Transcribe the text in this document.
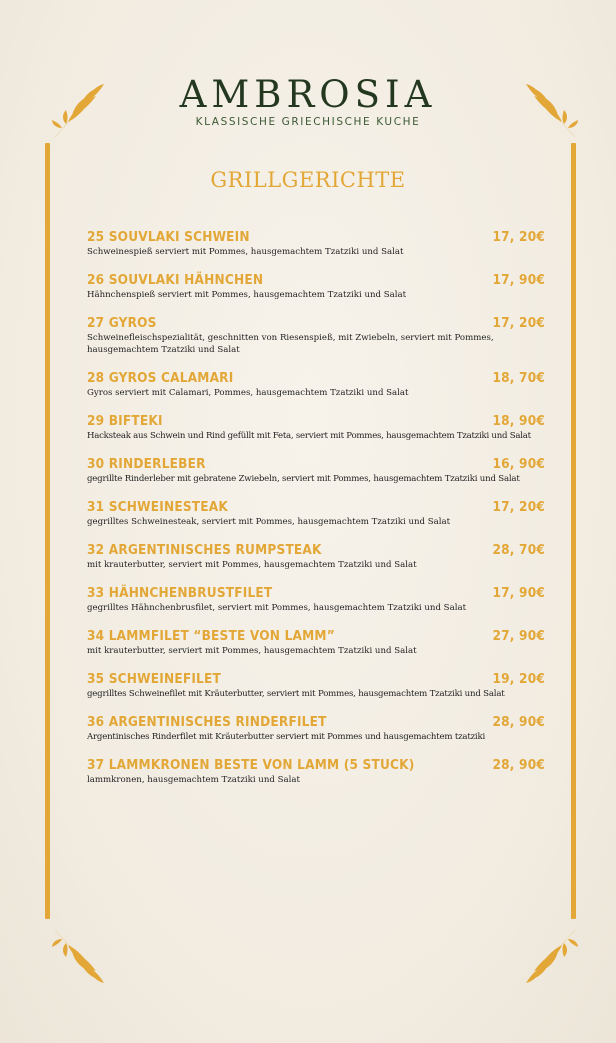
AMBROSIA
KLASSISCHE GRIECHISCHE KUCHE
GRILLGERICHTE
25 SOUVLAKI SCHWEIN	17, 20€
Schweinespieß serviert mit Pommes, hausgemachtem Tzatziki und Salat
26 SOUVLAKI HÄHNCHEN	17, 90€
Hähnchenspieß serviert mit Pommes, hausgemachtem Tzatziki und Salat
27 GYROS	17, 20€
Schweinefleischspezialität, geschnitten von Riesenspieß, mit Zwiebeln, serviert mit Pommes, hausgemachtem Tzatziki und Salat
28 GYROS CALAMARI	18, 70€
Gyros serviert mit Calamari, Pommes, hausgemachtem Tzatziki und Salat
29 BIFTEKI	18, 90€
Hacksteak aus Schwein und Rind gefüllt mit Feta, serviert mit Pommes, hausgemachtem Tzatziki und Salat
30 RINDERLEBER	16, 90€
gegrillte Rinderleber mit gebratene Zwiebeln, serviert mit Pommes, hausgemachtem Tzatziki und Salat
31 SCHWEINESTEAK	17, 20€
gegrilltes Schweinesteak, serviert mit Pommes, hausgemachtem Tzatziki und Salat
32 ARGENTINISCHES RUMPSTEAK	28, 70€
mit krauterbutter, serviert mit Pommes, hausgemachtem Tzatziki und Salat
33 HÄHNCHENBRUSTFILET	17, 90€
gegrilltes Hähnchenbrusfilet, serviert mit Pommes, hausgemachtem Tzatziki und Salat
34 LAMMFILET “BESTE VON LAMM”	27, 90€
mit krauterbutter, serviert mit Pommes, hausgemachtem Tzatziki und Salat
35 SCHWEINEFILET	19, 20€
gegrilltes Schweinefilet mit Kräuterbutter, serviert mit Pommes, hausgemachtem Tzatziki und Salat
36 ARGENTINISCHES RINDERFILET	28, 90€
Argentinisches Rinderfilet mit Kräuterbutter serviert mit Pommes und hausgemachtem tzatziki
37 LAMMKRONEN BESTE VON LAMM (5 STUCK)	28, 90€
lammkronen, hausgemachtem Tzatziki und Salat
